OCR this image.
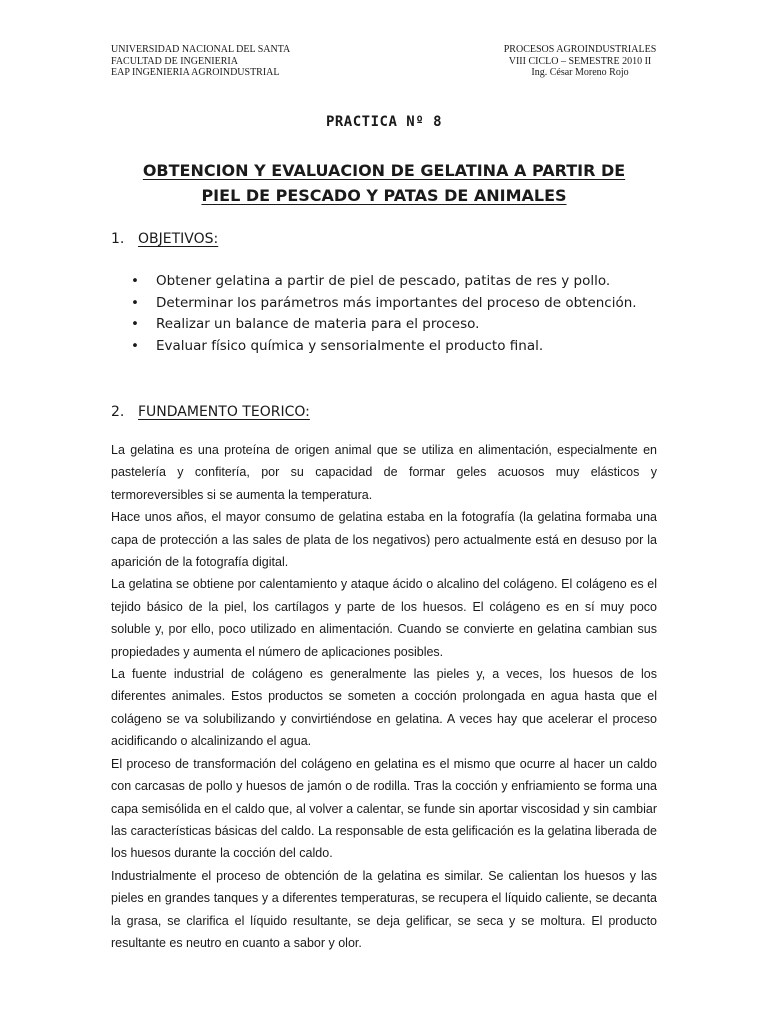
UNIVERSIDAD NACIONAL DEL SANTA
FACULTAD DE INGENIERIA
EAP INGENIERIA AGROINDUSTRIAL
PROCESOS AGROINDUSTRIALES
VIII CICLO – SEMESTRE 2010 II
Ing. César Moreno Rojo
PRACTICA Nº 8
OBTENCION Y EVALUACION DE GELATINA A PARTIR DE
PIEL DE PESCADO Y PATAS DE ANIMALES
1. OBJETIVOS:
• Obtener gelatina a partir de piel de pescado, patitas de res y pollo.
• Determinar los parámetros más importantes del proceso de obtención.
• Realizar un balance de materia para el proceso.
• Evaluar físico química y sensorialmente el producto final.
2. FUNDAMENTO TEORICO:

La gelatina es una proteína de origen animal que se utiliza en alimentación, especialmente en pastelería y confitería, por su capacidad de formar geles acuosos muy elásticos y termoreversibles si se aumenta la temperatura.

Hace unos años, el mayor consumo de gelatina estaba en la fotografía (la gelatina formaba una capa de protección a las sales de plata de los negativos) pero actualmente está en desuso por la aparición de la fotografía digital.

La gelatina se obtiene por calentamiento y ataque ácido o alcalino del colágeno. El colágeno es el tejido básico de la piel, los cartílagos y parte de los huesos. El colágeno es en sí muy poco soluble y, por ello, poco utilizado en alimentación. Cuando se convierte en gelatina cambian sus propiedades y aumenta el número de aplicaciones posibles.

La fuente industrial de colágeno es generalmente las pieles y, a veces, los huesos de los diferentes animales. Estos productos se someten a cocción prolongada en agua hasta que el colágeno se va solubilizando y convirtiéndose en gelatina. A veces hay que acelerar el proceso acidificando o alcalinizando el agua.

El proceso de transformación del colágeno en gelatina es el mismo que ocurre al hacer un caldo con carcasas de pollo y huesos de jamón o de rodilla. Tras la cocción y enfriamiento se forma una capa semisólida en el caldo que, al volver a calentar, se funde sin aportar viscosidad y sin cambiar las características básicas del caldo. La responsable de esta gelificación es la gelatina liberada de los huesos durante la cocción del caldo.

Industrialmente el proceso de obtención de la gelatina es similar. Se calientan los huesos y las pieles en grandes tanques y a diferentes temperaturas, se recupera el líquido caliente, se decanta la grasa, se clarifica el líquido resultante, se deja gelificar, se seca y se moltura. El producto resultante es neutro en cuanto a sabor y olor.
